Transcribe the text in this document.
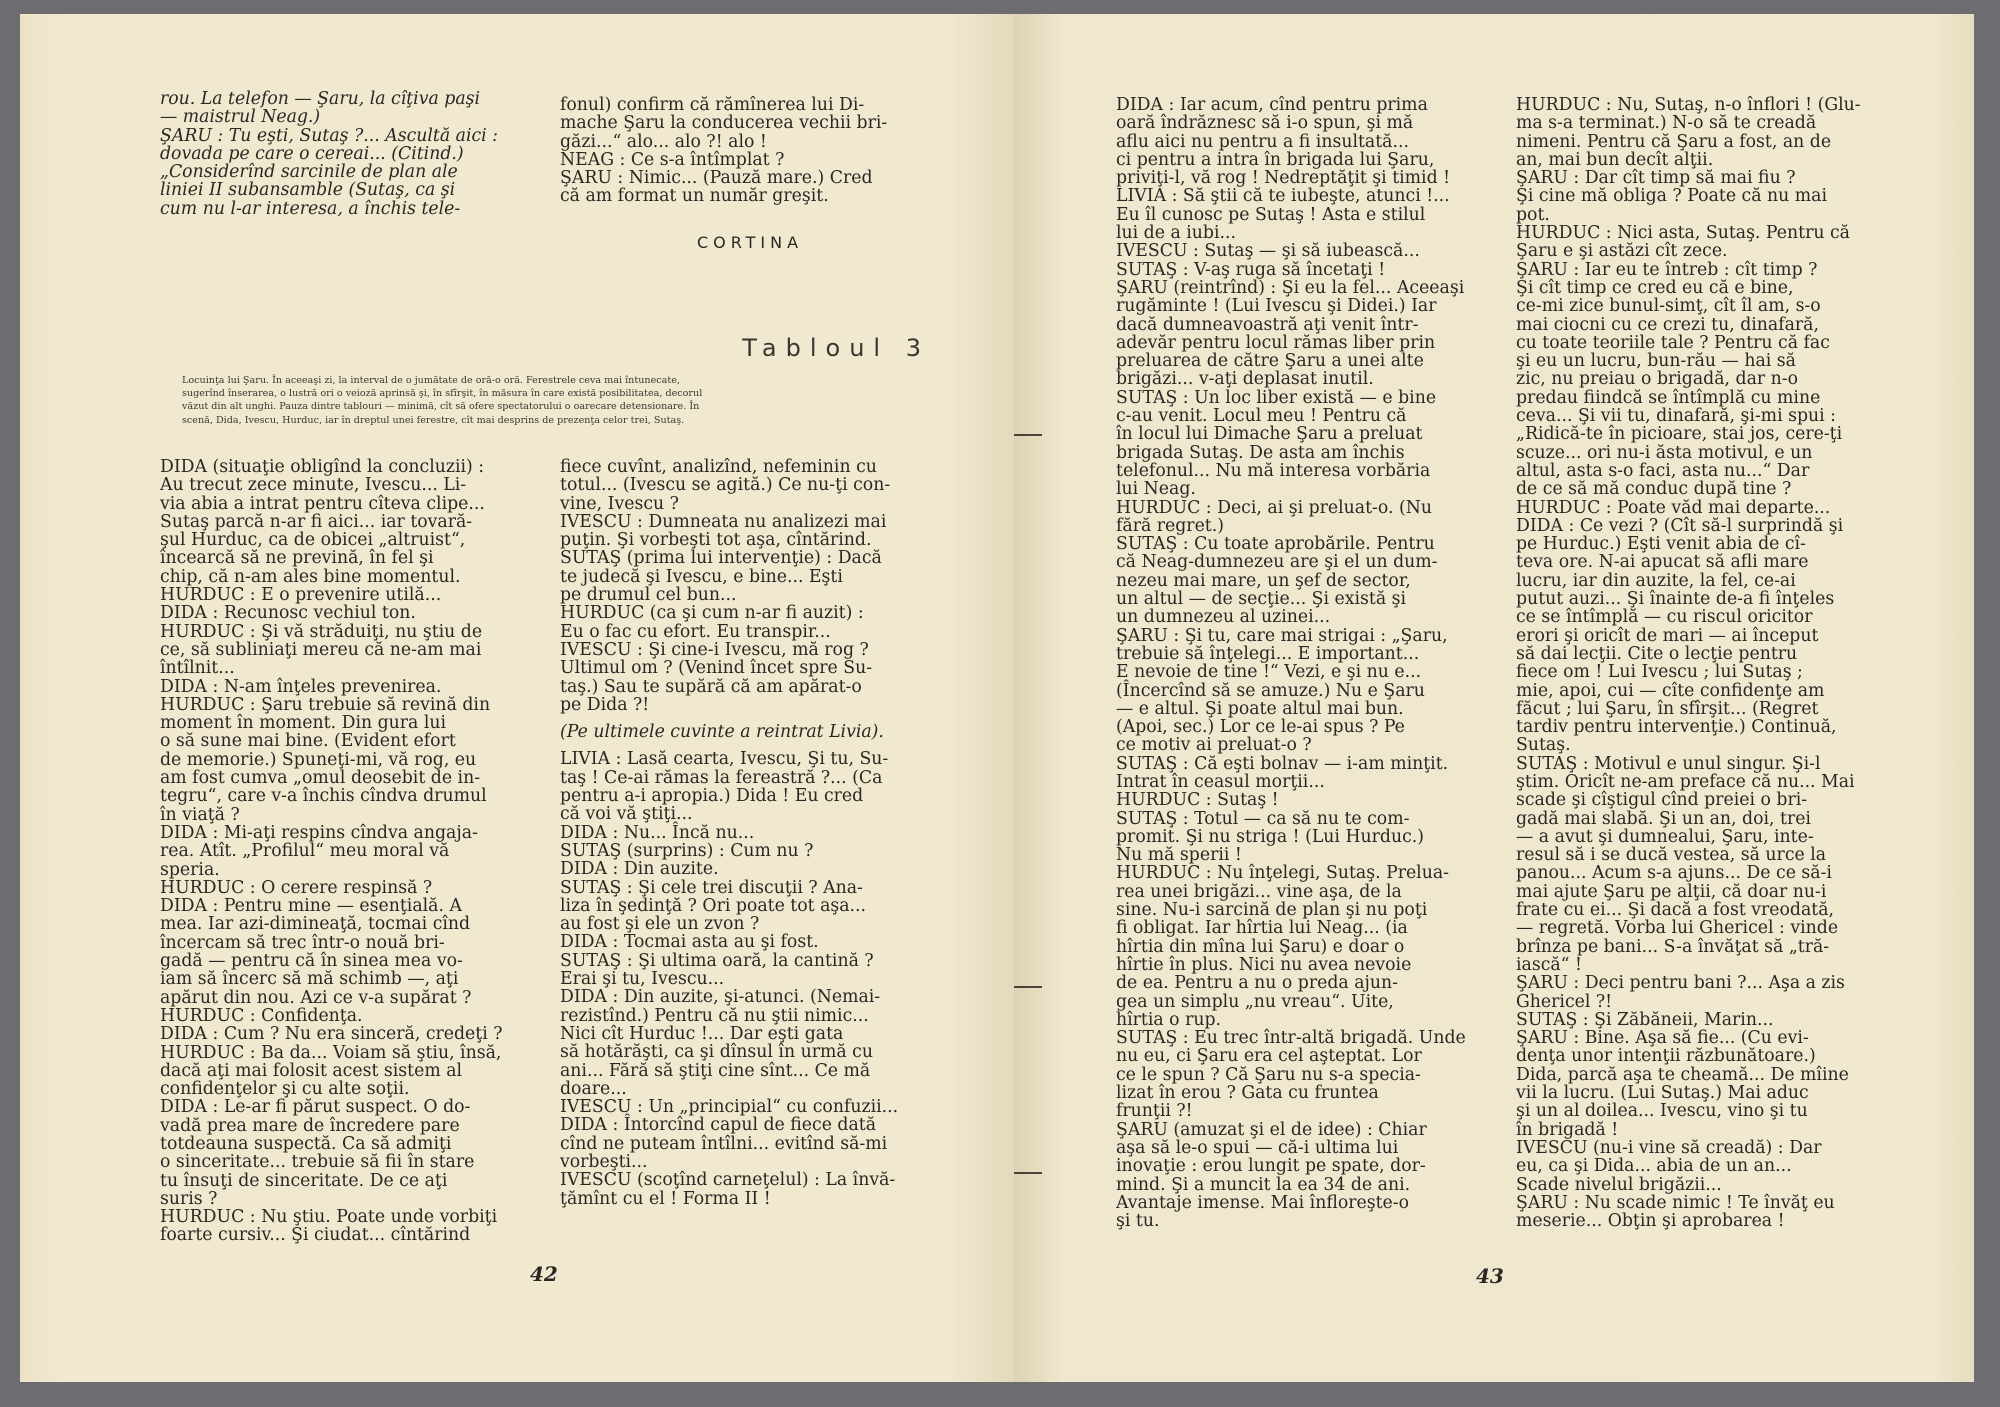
rou. La telefon — Şaru, la cîţiva paşi
— maistrul Neag.)
ŞARU : Tu eşti, Sutaş ?... Ascultă aici :
dovada pe care o cereai... (Citind.)
„Considerînd sarcinile de plan ale
liniei II subansamble (Sutaş, ca şi
cum nu l-ar interesa, a închis tele-

fonul) confirm că rămînerea lui Di-
mache Şaru la conducerea vechii bri-
găzi...“ alo... alo ?! alo !
NEAG : Ce s-a întîmplat ?
ŞARU : Nimic... (Pauză mare.) Cred
că am format un număr greşit.

CORTINA
Tabloul 3
Locuinţa lui Şaru. În aceeaşi zi, la interval de o jumătate de oră-o oră. Ferestrele ceva mai întunecate,
sugerînd înserarea, o lustră ori o veioză aprinsă şi, în sfîrşit, în măsura în care există posibilitatea, decorul
văzut din alt unghi. Pauza dintre tablouri — minimă, cît să ofere spectatorului o oarecare detensionare. În
scenă, Dida, Ivescu, Hurduc, iar în dreptul unei ferestre, cît mai desprins de prezenţa celor trei, Sutaş.

DIDA (situaţie obligînd la concluzii) :
Au trecut zece minute, Ivescu... Li-
via abia a intrat pentru cîteva clipe...
Sutaş parcă n-ar fi aici... iar tovară-
şul Hurduc, ca de obicei „altruist“,
încearcă să ne prevină, în fel şi
chip, că n-am ales bine momentul.
HURDUC : E o prevenire utilă...
DIDA : Recunosc vechiul ton.
HURDUC : Şi vă străduiţi, nu ştiu de
ce, să subliniaţi mereu că ne-am mai
întîlnit...
DIDA : N-am înţeles prevenirea.
HURDUC : Şaru trebuie să revină din
moment în moment. Din gura lui
o să sune mai bine. (Evident efort
de memorie.) Spuneţi-mi, vă rog, eu
am fost cumva „omul deosebit de in-
tegru“, care v-a închis cîndva drumul
în viaţă ?
DIDA : Mi-aţi respins cîndva angaja-
rea. Atît. „Profilul“ meu moral vă
speria.
HURDUC : O cerere respinsă ?
DIDA : Pentru mine — esenţială. A
mea. Iar azi-dimineaţă, tocmai cînd
încercam să trec într-o nouă bri-
gadă — pentru că în sinea mea vo-
iam să încerc să mă schimb —, aţi
apărut din nou. Azi ce v-a supărat ?
HURDUC : Confidenţa.
DIDA : Cum ? Nu era sinceră, credeţi ?
HURDUC : Ba da... Voiam să ştiu, însă,
dacă aţi mai folosit acest sistem al
confidenţelor şi cu alte soţii.
DIDA : Le-ar fi părut suspect. O do-
vadă prea mare de încredere pare
totdeauna suspectă. Ca să admiţi
o sinceritate... trebuie să fii în stare
tu însuţi de sinceritate. De ce aţi
suris ?
HURDUC : Nu ştiu. Poate unde vorbiţi
foarte cursiv... Şi ciudat... cîntărind

fiece cuvînt, analizînd, nefeminin cu
totul... (Ivescu se agită.) Ce nu-ţi con-
vine, Ivescu ?
IVESCU : Dumneata nu analizezi mai
puţin. Şi vorbeşti tot aşa, cîntărind.
SUTAŞ (prima lui intervenţie) : Dacă
te judecă şi Ivescu, e bine... Eşti
pe drumul cel bun...
HURDUC (ca şi cum n-ar fi auzit) :
Eu o fac cu efort. Eu transpir...
IVESCU : Şi cine-i Ivescu, mă rog ?
Ultimul om ? (Venind încet spre Su-
taş.) Sau te supără că am apărat-o
pe Dida ?!

(Pe ultimele cuvinte a reintrat Livia).

LIVIA : Lasă cearta, Ivescu, Şi tu, Su-
taş ! Ce-ai rămas la fereastră ?... (Ca
pentru a-i apropia.) Dida ! Eu cred
că voi vă ştiţi...
DIDA : Nu... Încă nu...
SUTAŞ (surprins) : Cum nu ?
DIDA : Din auzite.
SUTAŞ : Şi cele trei discuţii ? Ana-
liza în şedinţă ? Ori poate tot aşa...
au fost şi ele un zvon ?
DIDA : Tocmai asta au şi fost.
SUTAŞ : Şi ultima oară, la cantină ?
Erai şi tu, Ivescu...
DIDA : Din auzite, şi-atunci. (Nemai-
rezistînd.) Pentru că nu ştii nimic...
Nici cît Hurduc !... Dar eşti gata
să hotărăşti, ca şi dînsul în urmă cu
ani... Fără să ştiţi cine sînt... Ce mă
doare...
IVESCU : Un „principial“ cu confuzii...
DIDA : Întorcînd capul de fiece dată
cînd ne puteam întîlni... evitînd să-mi
vorbeşti...
IVESCU (scoţînd carneţelul) : La învă-
ţămînt cu el ! Forma II !

42

DIDA : Iar acum, cînd pentru prima
oară îndrăznesc să i-o spun, şi mă
aflu aici nu pentru a fi insultată...
ci pentru a intra în brigada lui Şaru,
priviţi-l, vă rog ! Nedreptăţit şi timid !
LIVIA : Să ştii că te iubeşte, atunci !...
Eu îl cunosc pe Sutaş ! Asta e stilul
lui de a iubi...
IVESCU : Sutaş — şi să iubească...
SUTAŞ : V-aş ruga să încetaţi !
ŞARU (reintrînd) : Şi eu la fel... Aceeaşi
rugăminte ! (Lui Ivescu şi Didei.) Iar
dacă dumneavoastră aţi venit într-
adevăr pentru locul rămas liber prin
preluarea de către Şaru a unei alte
brigăzi... v-aţi deplasat inutil.
SUTAŞ : Un loc liber există — e bine
c-au venit. Locul meu ! Pentru că
în locul lui Dimache Şaru a preluat
brigada Sutaş. De asta am închis
telefonul... Nu mă interesa vorbăria
lui Neag.
HURDUC : Deci, ai şi preluat-o. (Nu
fără regret.)
SUTAŞ : Cu toate aprobările. Pentru
că Neag-dumnezeu are şi el un dum-
nezeu mai mare, un şef de sector,
un altul — de secţie... Şi există şi
un dumnezeu al uzinei...
ŞARU : Şi tu, care mai strigai : „Şaru,
trebuie să înţelegi... E important...
E nevoie de tine !“ Vezi, e şi nu e...
(Încercînd să se amuze.) Nu e Şaru
— e altul. Şi poate altul mai bun.
(Apoi, sec.) Lor ce le-ai spus ? Pe
ce motiv ai preluat-o ?
SUTAŞ : Că eşti bolnav — i-am minţit.
Intrat în ceasul morţii...
HURDUC : Sutaş !
SUTAŞ : Totul — ca să nu te com-
promit. Şi nu striga ! (Lui Hurduc.)
Nu mă sperii !
HURDUC : Nu înţelegi, Sutaş. Prelua-
rea unei brigăzi... vine aşa, de la
sine. Nu-i sarcină de plan şi nu poţi
fi obligat. Iar hîrtia lui Neag... (ia
hîrtia din mîna lui Şaru) e doar o
hîrtie în plus. Nici nu avea nevoie
de ea. Pentru a nu o preda ajun-
gea un simplu „nu vreau“. Uite,
hîrtia o rup.
SUTAŞ : Eu trec într-altă brigadă. Unde
nu eu, ci Şaru era cel aşteptat. Lor
ce le spun ? Că Şaru nu s-a specia-
lizat în erou ? Gata cu fruntea
frunţii ?!
ŞARU (amuzat şi el de idee) : Chiar
aşa să le-o spui — că-i ultima lui
inovaţie : erou lungit pe spate, dor-
mind. Şi a muncit la ea 34 de ani.
Avantaje imense. Mai înfloreşte-o
şi tu.

HURDUC : Nu, Sutaş, n-o înflori ! (Glu-
ma s-a terminat.) N-o să te creadă
nimeni. Pentru că Şaru a fost, an de
an, mai bun decît alţii.
ŞARU : Dar cît timp să mai fiu ?
Şi cine mă obliga ? Poate că nu mai
pot.
HURDUC : Nici asta, Sutaş. Pentru că
Şaru e şi astăzi cît zece.
ŞARU : Iar eu te întreb : cît timp ?
Şi cît timp ce cred eu că e bine,
ce-mi zice bunul-simţ, cît îl am, s-o
mai ciocni cu ce crezi tu, dinafară,
cu toate teoriile tale ? Pentru că fac
şi eu un lucru, bun-rău — hai să
zic, nu preiau o brigadă, dar n-o
predau fiindcă se întîmplă cu mine
ceva... Şi vii tu, dinafară, şi-mi spui :
„Ridică-te în picioare, stai jos, cere-ţi
scuze... ori nu-i ăsta motivul, e un
altul, asta s-o faci, asta nu...“ Dar
de ce să mă conduc după tine ?
HURDUC : Poate văd mai departe...
DIDA : Ce vezi ? (Cît să-l surprindă şi
pe Hurduc.) Eşti venit abia de cî-
teva ore. N-ai apucat să afli mare
lucru, iar din auzite, la fel, ce-ai
putut auzi... Şi înainte de-a fi înţeles
ce se întîmplă — cu riscul oricitor
erori şi oricît de mari — ai început
să dai lecţii. Cite o lecţie pentru
fiece om ! Lui Ivescu ; lui Sutaş ;
mie, apoi, cui — cîte confidenţe am
făcut ; lui Şaru, în sfîrşit... (Regret
tardiv pentru intervenţie.) Continuă,
Sutaş.
SUTAŞ : Motivul e unul singur. Şi-l
ştim. Oricît ne-am preface că nu... Mai
scade şi cîştigul cînd preiei o bri-
gadă mai slabă. Şi un an, doi, trei
— a avut şi dumnealui, Şaru, inte-
resul să i se ducă vestea, să urce la
panou... Acum s-a ajuns... De ce să-i
mai ajute Şaru pe alţii, că doar nu-i
frate cu ei... Şi dacă a fost vreodată,
— regretă. Vorba lui Ghericel : vinde
brînza pe bani... S-a învăţat să „tră-
iască“ !
ŞARU : Deci pentru bani ?... Aşa a zis
Ghericel ?!
SUTAŞ : Şi Zăbăneii, Marin...
ŞARU : Bine. Aşa să fie... (Cu evi-
denţa unor intenţii răzbunătoare.)
Dida, parcă aşa te cheamă... De mîine
vii la lucru. (Lui Sutaş.) Mai aduc
şi un al doilea... Ivescu, vino şi tu
în brigadă !
IVESCU (nu-i vine să creadă) : Dar
eu, ca şi Dida... abia de un an...
Scade nivelul brigăzii...
ŞARU : Nu scade nimic ! Te învăţ eu
meserie... Obţin şi aprobarea !

43
